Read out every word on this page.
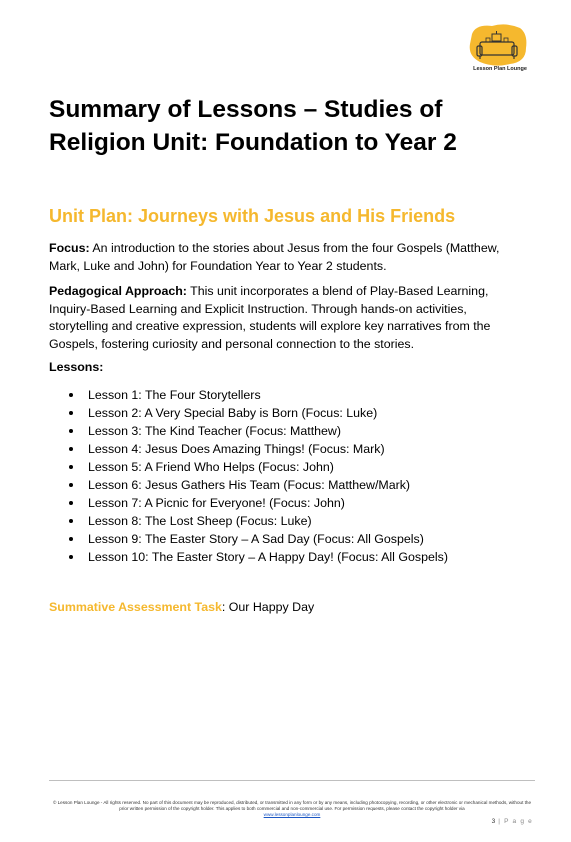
Lesson Plan Lounge
Summary of Lessons – Studies of Religion Unit: Foundation to Year 2
Unit Plan: Journeys with Jesus and His Friends

Focus: An introduction to the stories about Jesus from the four Gospels (Matthew, Mark, Luke and John) for Foundation Year to Year 2 students.

Pedagogical Approach: This unit incorporates a blend of Play-Based Learning, Inquiry-Based Learning and Explicit Instruction. Through hands-on activities, storytelling and creative expression, students will explore key narratives from the Gospels, fostering curiosity and personal connection to the stories.

Lessons:

Lesson 1: The Four Storytellers
Lesson 2: A Very Special Baby is Born (Focus: Luke)
Lesson 3: The Kind Teacher (Focus: Matthew)
Lesson 4: Jesus Does Amazing Things! (Focus: Mark)
Lesson 5: A Friend Who Helps (Focus: John)
Lesson 6: Jesus Gathers His Team (Focus: Matthew/Mark)
Lesson 7: A Picnic for Everyone! (Focus: John)
Lesson 8: The Lost Sheep (Focus: Luke)
Lesson 9: The Easter Story – A Sad Day (Focus: All Gospels)
Lesson 10: The Easter Story – A Happy Day! (Focus: All Gospels)

Summative Assessment Task: Our Happy Day

© Lesson Plan Lounge - All rights reserved. No part of this document may be reproduced, distributed, or transmitted in any form or by any means, including photocopying, recording, or other electronic or mechanical methods, without the prior written permission of the copyright holder. This applies to both commercial and non-commercial use. For permission requests, please contact the copyright holder via
www.lessonplanlounge.com
3 | P a g e
